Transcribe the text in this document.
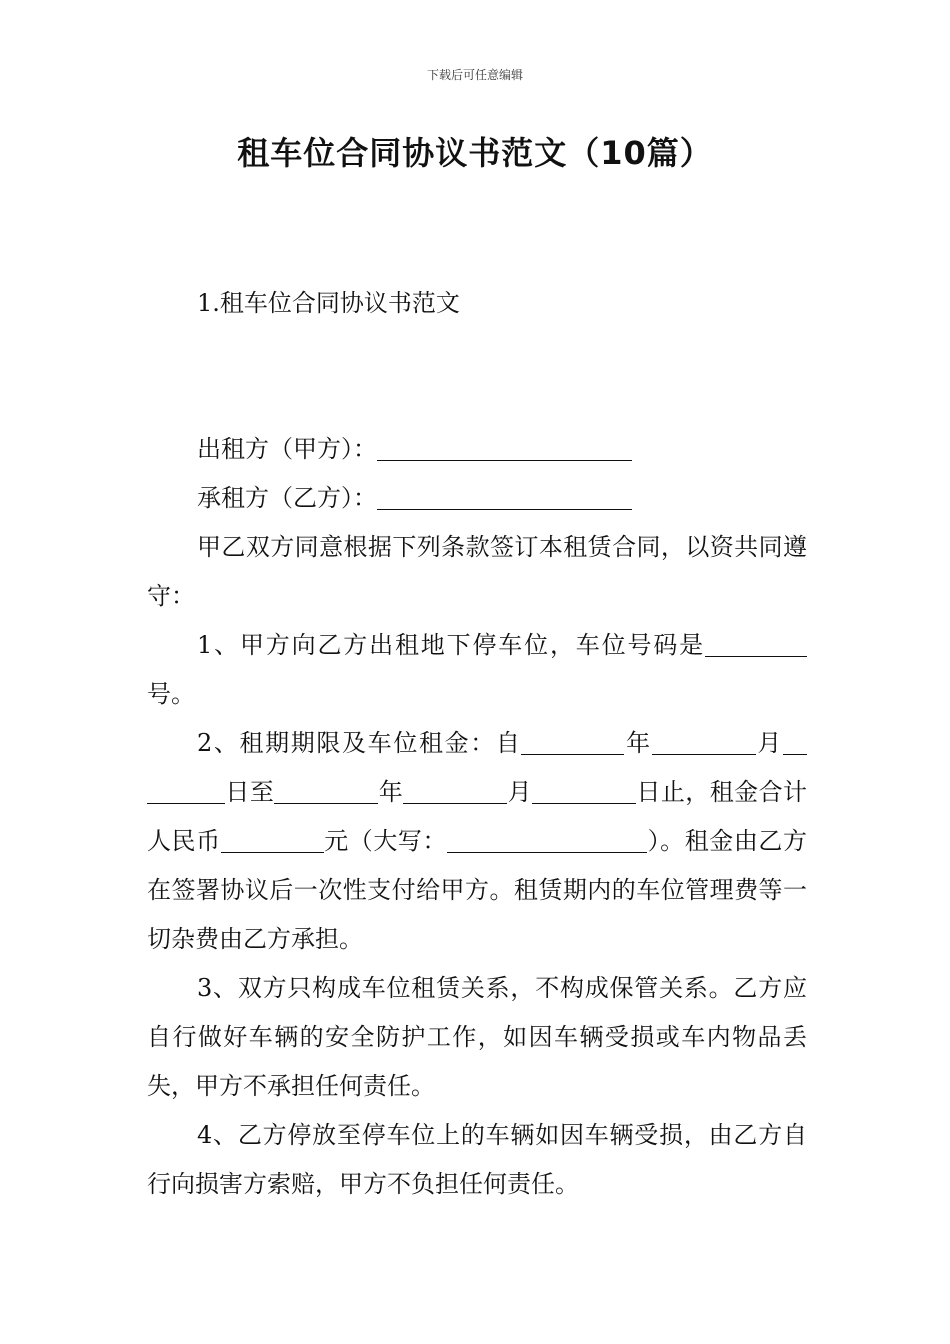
下载后可任意编辑
租车位合同协议书范文（10篇）
1.租车位合同协议书范文

出租方（甲方）：

承租方（乙方）：

甲乙双方同意根据下列条款签订本租赁合同，以资共同遵守：

1、甲方向乙方出租地下停车位，车位号码是号。

2、租期期限及车位租金：自	年	月日至	年	月	日止，租金合计人民币	元（大写：	）。租金由乙方在签署协议后一次性支付给甲方。租赁期内的车位管理费等一切杂费由乙方承担。

3、双方只构成车位租赁关系，不构成保管关系。乙方应自行做好车辆的安全防护工作，如因车辆受损或车内物品丢失，甲方不承担任何责任。

4、乙方停放至停车位上的车辆如因车辆受损，由乙方自行向损害方索赔，甲方不负担任何责任。
